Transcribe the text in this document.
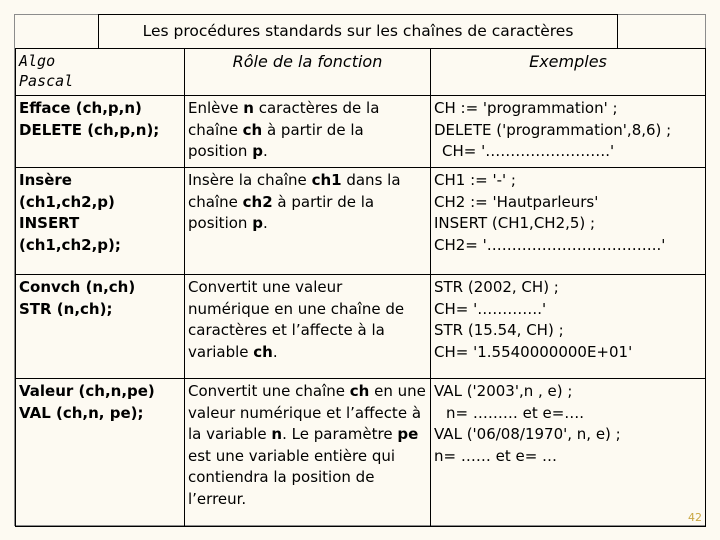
Les procédures standards sur les chaînes de caractères
Algo
Pascal	Rôle de la fonction	Exemples

Efface (ch,p,n)
DELETE (ch,p,n);	Enlève n caractères de la chaîne ch à partir de la position p.	CH := 'programmation' ;
DELETE ('programmation',8,6) ;
CH= '…………………….'

Insère
(ch1,ch2,p)
INSERT
(ch1,ch2,p);	Insère la chaîne ch1 dans la chaîne ch2 à partir de la position p.	CH1 := '-' ;
CH2 := 'Hautparleurs'
INSERT (CH1,CH2,5) ;
CH2= '……………………………..'

Convch (n,ch)
STR (n,ch);	Convertit une valeur numérique en une chaîne de caractères et l’affecte à la variable ch.	STR (2002, CH) ;
CH= '………….'
STR (15.54, CH) ;
CH= '1.5540000000E+01'

Valeur (ch,n,pe)
VAL (ch,n, pe);	Convertit une chaîne ch en une valeur numérique et l’affecte à la variable n. Le paramètre pe est une variable entière qui contiendra la position de l’erreur.	VAL ('2003',n , e) ;
n= ……… et e=….
VAL ('06/08/1970', n, e) ;
n= …… et e= …
42
